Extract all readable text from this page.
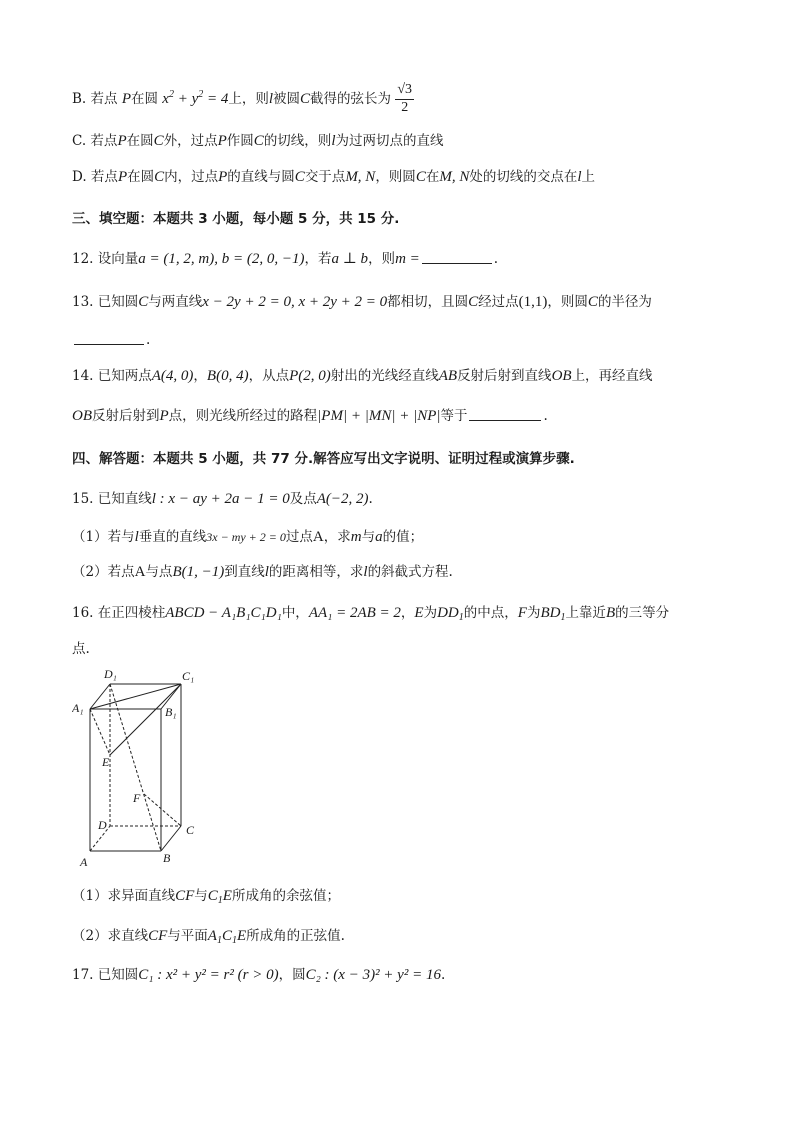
B. 若点 P在圆 $x^2 + y^2 = 4$上，则l被圆C截得的弦长为 $\frac{√3}{2}$
C. 若点P在圆C外，过点P作圆C的切线，则l为过两切点的直线
D. 若点P在圆C内，过点P的直线与圆C交于点M, N，则圆C在M, N处的切线的交点在l上
三、填空题：本题共 3 小题，每小题 5 分，共 15 分.
12. 设向量a = (1, 2, m), b = (2, 0, −1)，若a ⊥ b，则m =	.
13. 已知圆C与两直线x − 2y + 2 = 0, x + 2y + 2 = 0都相切，且圆C经过点(1,1)，则圆C的半径为
.
14. 已知两点A(4, 0)，B(0, 4)，从点P(2, 0)射出的光线经直线AB反射后射到直线OB上，再经直线
OB反射后射到P点，则光线所经过的路程|PM| + |MN| + |NP|等于	.
四、解答题：本题共 5 小题，共 77 分.解答应写出文字说明、证明过程或演算步骤.
15. 已知直线l : x − ay + 2a − 1 = 0及点A(−2, 2).
（1）若与l垂直的直线3x − my + 2 = 0过点A，求m与a的值；
（2）若点A与点B(1, −1)到直线l的距离相等，求l的斜截式方程.
16. 在正四棱柱ABCD − A₁B₁C₁D₁中，AA₁ = 2AB = 2，E为$DD_1$的中点，F为$BD_1$上靠近B的三等分
点.
D₁	C₁
A₁	B₁
E
F
D	C
A	B
（1）求异面直线CF与$C_1E$所成角的余弦值；
（2）求直线CF与平面$A_1C_1E$所成角的正弦值.
17. 已知圆C₁ : x² + y² = r² (r > 0)，圆C₂ : (x − 3)² + y² = 16.
